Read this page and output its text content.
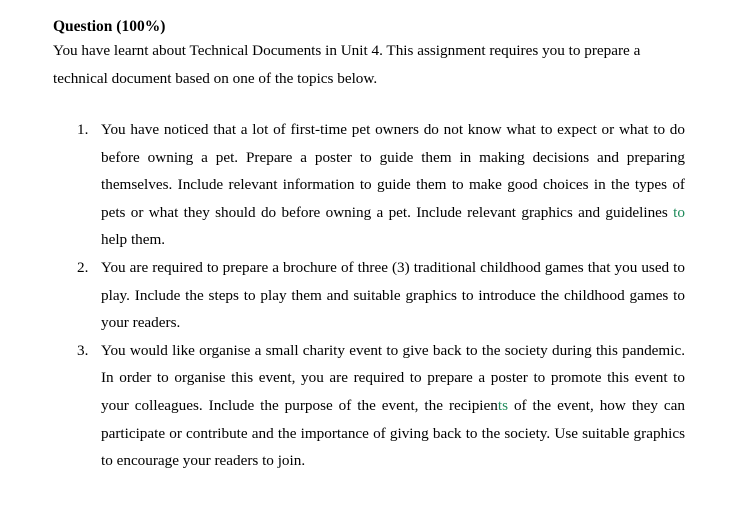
Question (100%)

You have learnt about Technical Documents in Unit 4. This assignment requires you to prepare a technical document based on one of the topics below.

1. You have noticed that a lot of first-time pet owners do not know what to expect or what to do before owning a pet. Prepare a poster to guide them in making decisions and preparing themselves. Include relevant information to guide them to make good choices in the types of pets or what they should do before owning a pet. Include relevant graphics and guidelines to help them.
2. You are required to prepare a brochure of three (3) traditional childhood games that you used to play. Include the steps to play them and suitable graphics to introduce the childhood games to your readers.
3. You would like organise a small charity event to give back to the society during this pandemic. In order to organise this event, you are required to prepare a poster to promote this event to your colleagues. Include the purpose of the event, the recipients of the event, how they can participate or contribute and the importance of giving back to the society. Use suitable graphics to encourage your readers to join.
